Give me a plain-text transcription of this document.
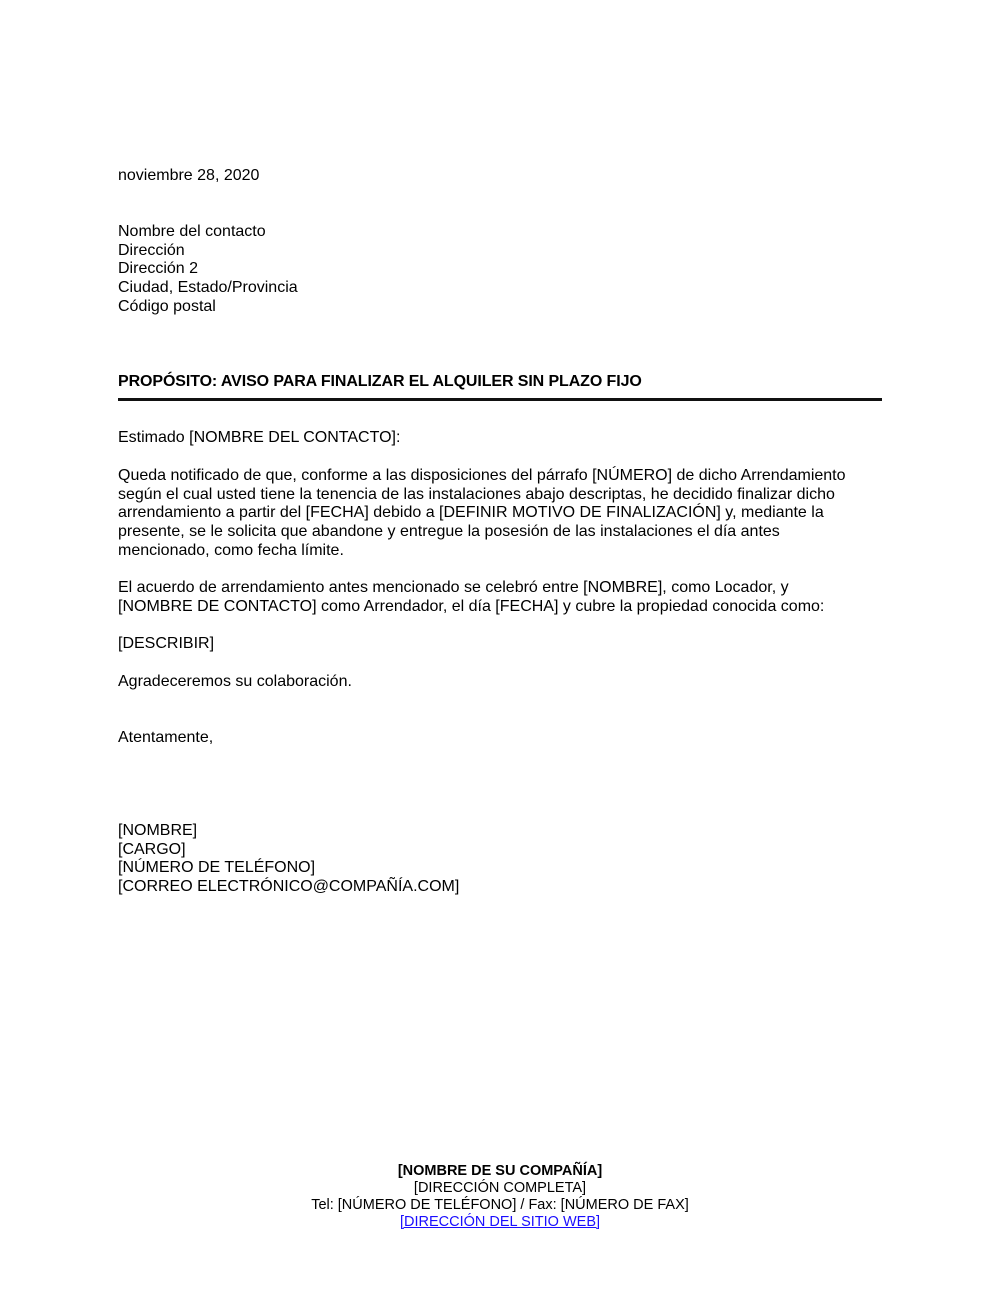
noviembre 28, 2020
Nombre del contacto
Dirección
Dirección 2
Ciudad, Estado/Provincia
Código postal
PROPÓSITO: AVISO PARA FINALIZAR EL ALQUILER SIN PLAZO FIJO
Estimado [NOMBRE DEL CONTACTO]:
Queda notificado de que, conforme a las disposiciones del párrafo [NÚMERO] de dicho Arrendamiento
según el cual usted tiene la tenencia de las instalaciones abajo descriptas, he decidido finalizar dicho
arrendamiento a partir del [FECHA] debido a [DEFINIR MOTIVO DE FINALIZACIÓN] y, mediante la
presente, se le solicita que abandone y entregue la posesión de las instalaciones el día antes
mencionado, como fecha límite.
El acuerdo de arrendamiento antes mencionado se celebró entre [NOMBRE], como Locador, y
[NOMBRE DE CONTACTO] como Arrendador, el día [FECHA] y cubre la propiedad conocida como:
[DESCRIBIR]
Agradeceremos su colaboración.
Atentamente,
[NOMBRE]
[CARGO]
[NÚMERO DE TELÉFONO]
[CORREO ELECTRÓNICO@COMPAÑÍA.COM]
[NOMBRE DE SU COMPAÑÍA]
[DIRECCIÓN COMPLETA]
Tel: [NÚMERO DE TELÉFONO] / Fax: [NÚMERO DE FAX]
[DIRECCIÓN DEL SITIO WEB]
